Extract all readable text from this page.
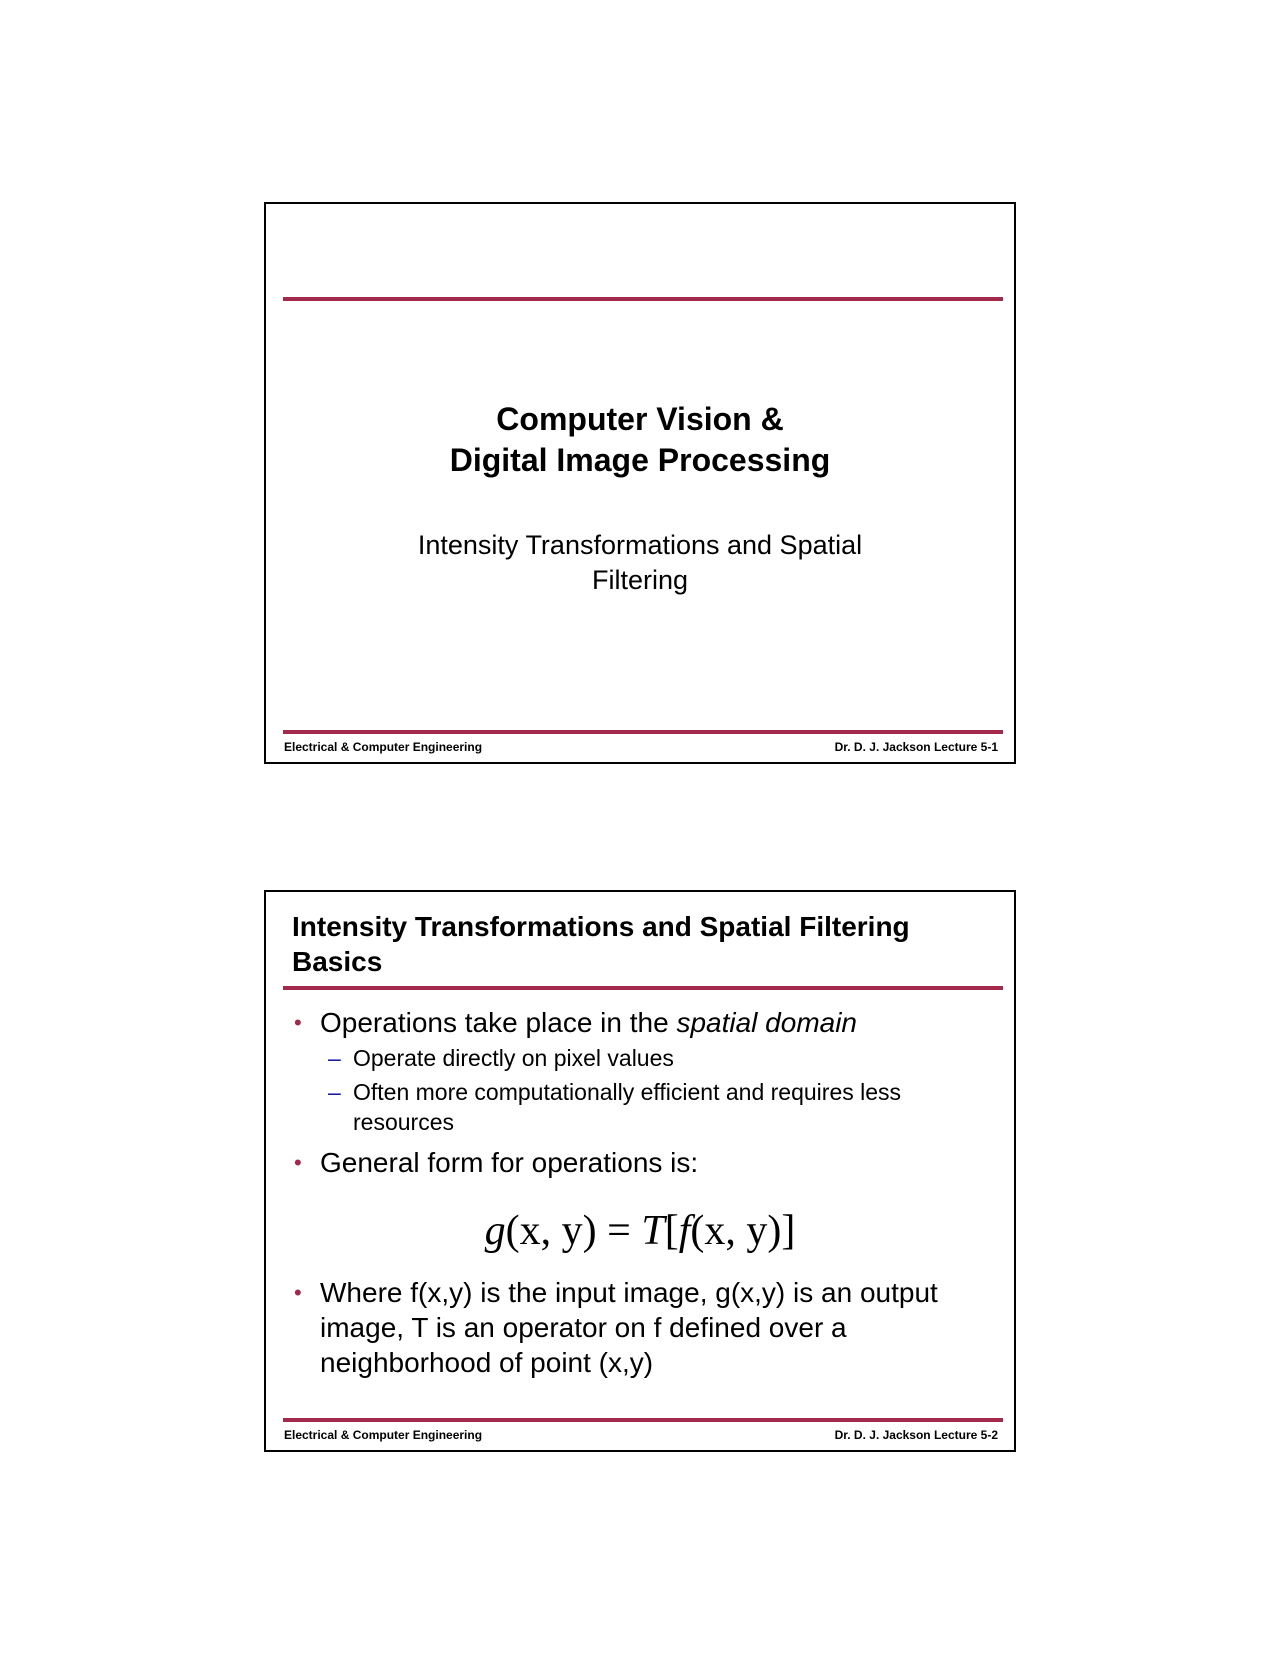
Computer Vision &
Digital Image Processing
Intensity Transformations and Spatial
Filtering
Electrical & Computer Engineering	Dr. D. J. Jackson Lecture 5-1
Intensity Transformations and Spatial Filtering
Basics
• Operations take place in the spatial domain
– Operate directly on pixel values
– Often more computationally efficient and requires less
resources
• General form for operations is:
g(x, y) = T[f(x, y)]
• Where f(x,y) is the input image, g(x,y) is an output
image, T is an operator on f defined over a
neighborhood of point (x,y)
Electrical & Computer Engineering	Dr. D. J. Jackson Lecture 5-2
